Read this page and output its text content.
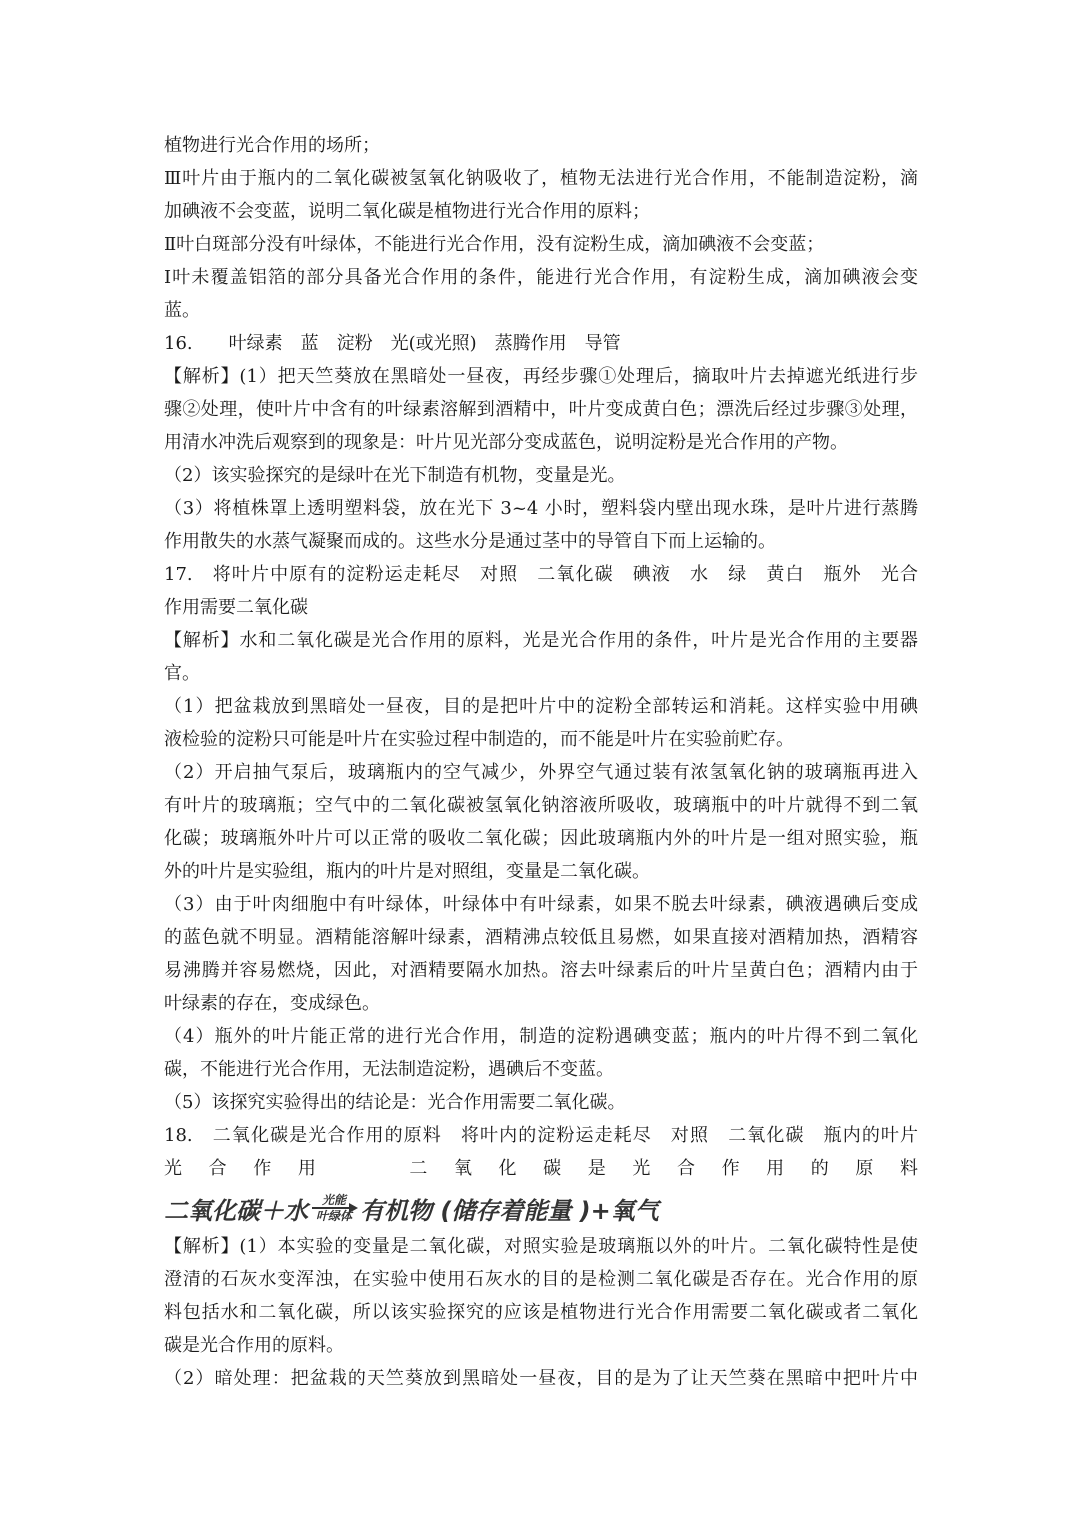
植物进行光合作用的场所；
Ⅲ叶片由于瓶内的二氧化碳被氢氧化钠吸收了，植物无法进行光合作用，不能制造淀粉，滴
加碘液不会变蓝，说明二氧化碳是植物进行光合作用的原料；
Ⅱ叶白斑部分没有叶绿体，不能进行光合作用，没有淀粉生成，滴加碘液不会变蓝；
Ⅰ叶未覆盖铝箔的部分具备光合作用的条件，能进行光合作用，有淀粉生成，滴加碘液会变
蓝。
16.　　叶绿素　蓝　淀粉　光(或光照)　蒸腾作用　导管
【解析】(1）把天竺葵放在黑暗处一昼夜，再经步骤①处理后，摘取叶片去掉遮光纸进行步
骤②处理，使叶片中含有的叶绿素溶解到酒精中，叶片变成黄白色；漂洗后经过步骤③处理，
用清水冲洗后观察到的现象是：叶片见光部分变成蓝色，说明淀粉是光合作用的产物。
（2）该实验探究的是绿叶在光下制造有机物，变量是光。
（3）将植株罩上透明塑料袋，放在光下 3~4 小时，塑料袋内壁出现水珠，是叶片进行蒸腾
作用散失的水蒸气凝聚而成的。这些水分是通过茎中的导管自下而上运输的。
17.　将叶片中原有的淀粉运走耗尽　对照　二氧化碳　碘液　水　绿　黄白　瓶外　光合
作用需要二氧化碳
【解析】水和二氧化碳是光合作用的原料，光是光合作用的条件，叶片是光合作用的主要器
官。
（1）把盆栽放到黑暗处一昼夜，目的是把叶片中的淀粉全部转运和消耗。这样实验中用碘
液检验的淀粉只可能是叶片在实验过程中制造的，而不能是叶片在实验前贮存。
（2）开启抽气泵后，玻璃瓶内的空气减少，外界空气通过装有浓氢氧化钠的玻璃瓶再进入
有叶片的玻璃瓶；空气中的二氧化碳被氢氧化钠溶液所吸收，玻璃瓶中的叶片就得不到二氧
化碳；玻璃瓶外叶片可以正常的吸收二氧化碳；因此玻璃瓶内外的叶片是一组对照实验，瓶
外的叶片是实验组，瓶内的叶片是对照组，变量是二氧化碳。
（3）由于叶肉细胞中有叶绿体，叶绿体中有叶绿素，如果不脱去叶绿素，碘液遇碘后变成
的蓝色就不明显。酒精能溶解叶绿素，酒精沸点较低且易燃，如果直接对酒精加热，酒精容
易沸腾并容易燃烧，因此，对酒精要隔水加热。溶去叶绿素后的叶片呈黄白色；酒精内由于
叶绿素的存在，变成绿色。
（4）瓶外的叶片能正常的进行光合作用，制造的淀粉遇碘变蓝；瓶内的叶片得不到二氧化
碳，不能进行光合作用，无法制造淀粉，遇碘后不变蓝。
（5）该探究实验得出的结论是：光合作用需要二氧化碳。
18.　二氧化碳是光合作用的原料　将叶内的淀粉运走耗尽　对照　二氧化碳　瓶内的叶片
光　合　作　用　　　　二　氧　化　碳　是　光　合　作　用　的　原　料
二氧化碳＋水 光能
叶绿体 有机物 (储存着能量 )+氧气
【解析】(1）本实验的变量是二氧化碳，对照实验是玻璃瓶以外的叶片。二氧化碳特性是使
澄清的石灰水变浑浊，在实验中使用石灰水的目的是检测二氧化碳是否存在。光合作用的原
料包括水和二氧化碳，所以该实验探究的应该是植物进行光合作用需要二氧化碳或者二氧化
碳是光合作用的原料。
（2）暗处理：把盆栽的天竺葵放到黑暗处一昼夜，目的是为了让天竺葵在黑暗中把叶片中
